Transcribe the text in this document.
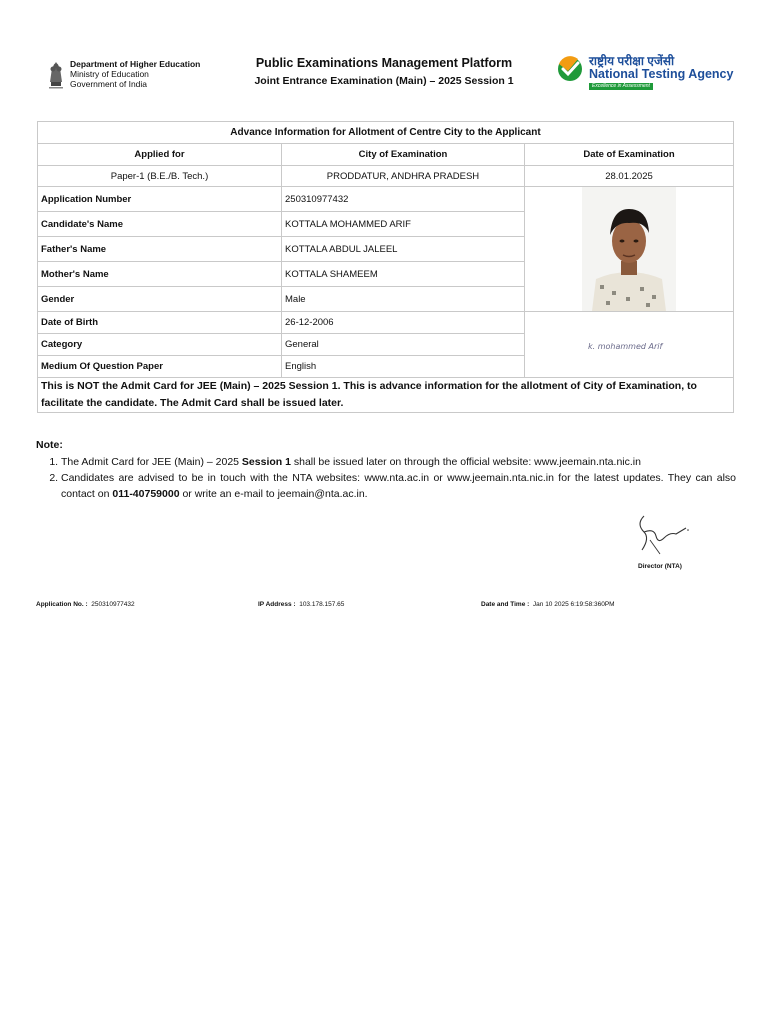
Department of Higher Education
Ministry of Education
Government of India
Public Examinations Management Platform
Joint Entrance Examination (Main) – 2025 Session 1
राष्ट्रीय परीक्षा एजेंसी
National Testing Agency
Excellence in Assessment
Advance Information for Allotment of Centre City to the Applicant		
Applied for	City of Examination	Date of Examination
Paper-1 (B.E./B. Tech.)	PRODDATUR, ANDHRA PRADESH	28.01.2025
Application Number	250310977432	
Candidate's Name	KOTTALA MOHAMMED ARIF	
Father's Name	KOTTALA ABDUL JALEEL	
Mother's Name	KOTTALA SHAMEEM	
Gender	Male	
Date of Birth	26-12-2006	k. mohammed Arif

Category	General	
Medium Of Question Paper	English	
This is NOT the Admit Card for JEE (Main) – 2025 Session 1. This is advance information for the allotment of City of Examination, to facilitate the candidate. The Admit Card shall be issued later.		
Note:
1. The Admit Card for JEE (Main) – 2025 Session 1 shall be issued later on through the official website: www.jeemain.nta.nic.in
2. Candidates are advised to be in touch with the NTA websites: www.nta.ac.in or www.jeemain.nta.nic.in for the latest updates. They can also contact on 011-40759000 or write an e-mail to jeemain@nta.ac.in.
Director (NTA)
Application No. : 250310977432	IP Address : 103.178.157.65	Date and Time : Jan 10 2025 6:19:58:360PM
